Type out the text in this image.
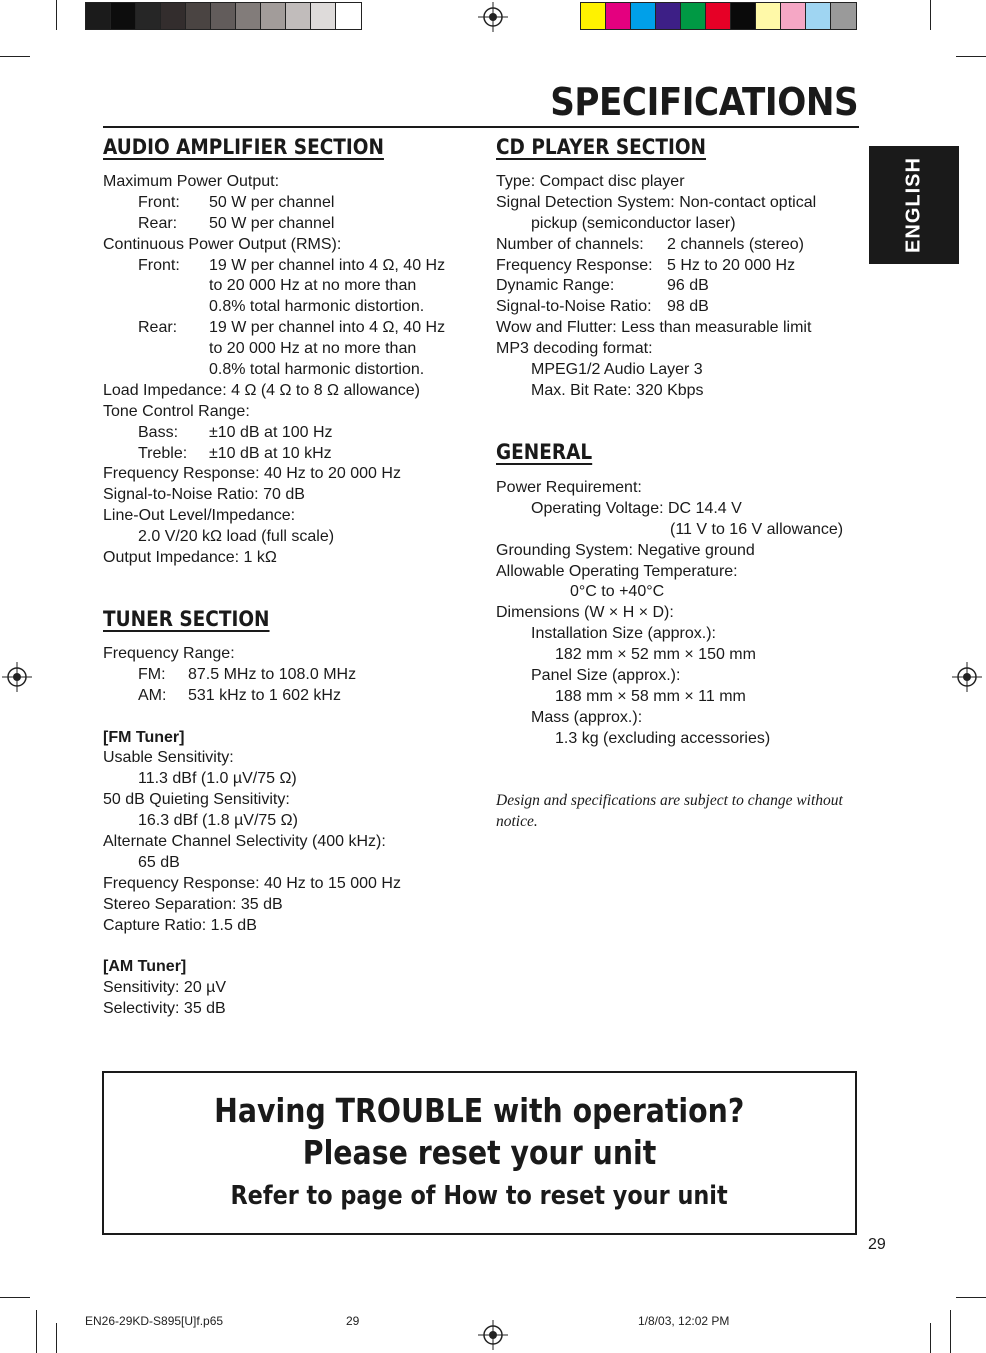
SPECIFICATIONS
ENGLISH
AUDIO AMPLIFIER SECTION
Maximum Power Output:
Front: 50 W per channel
Rear: 50 W per channel
Continuous Power Output (RMS):
Front: 19 W per channel into 4 Ω, 40 Hz
to 20 000 Hz at no more than
0.8% total harmonic distortion.
Rear: 19 W per channel into 4 Ω, 40 Hz
to 20 000 Hz at no more than
0.8% total harmonic distortion.
Load Impedance: 4 Ω (4 Ω to 8 Ω allowance)
Tone Control Range:
Bass: ±10 dB at 100 Hz
Treble: ±10 dB at 10 kHz
Frequency Response: 40 Hz to 20 000 Hz
Signal-to-Noise Ratio: 70 dB
Line-Out Level/Impedance:
2.0 V/20 kΩ load (full scale)
Output Impedance: 1 kΩ
TUNER SECTION
Frequency Range:
FM: 87.5 MHz to 108.0 MHz
AM: 531 kHz to 1 602 kHz
[FM Tuner]
Usable Sensitivity:
11.3 dBf (1.0 µV/75 Ω)
50 dB Quieting Sensitivity:
16.3 dBf (1.8 µV/75 Ω)
Alternate Channel Selectivity (400 kHz):
65 dB
Frequency Response: 40 Hz to 15 000 Hz
Stereo Separation: 35 dB
Capture Ratio: 1.5 dB
[AM Tuner]
Sensitivity: 20 µV
Selectivity: 35 dB
CD PLAYER SECTION
Type: Compact disc player
Signal Detection System: Non-contact optical
pickup (semiconductor laser)
Number of channels: 2 channels (stereo)
Frequency Response: 5 Hz to 20 000 Hz
Dynamic Range:	96 dB
Signal-to-Noise Ratio: 98 dB
Wow and Flutter: Less than measurable limit
MP3 decoding format:
MPEG1/2 Audio Layer 3
Max. Bit Rate: 320 Kbps
GENERAL
Power Requirement:
Operating Voltage: DC 14.4 V
(11 V to 16 V allowance)
Grounding System: Negative ground
Allowable Operating Temperature:
0°C to +40°C
Dimensions (W × H × D):
Installation Size (approx.):
182 mm × 52 mm × 150 mm
Panel Size (approx.):
188 mm × 58 mm × 11 mm
Mass (approx.):
1.3 kg (excluding accessories)
Design and specifications are subject to change without notice.
Having TROUBLE with operation?
Please reset your unit
Refer to page of How to reset your unit
29
EN26-29KD-S895[U]f.p65	29	1/8/03, 12:02 PM
